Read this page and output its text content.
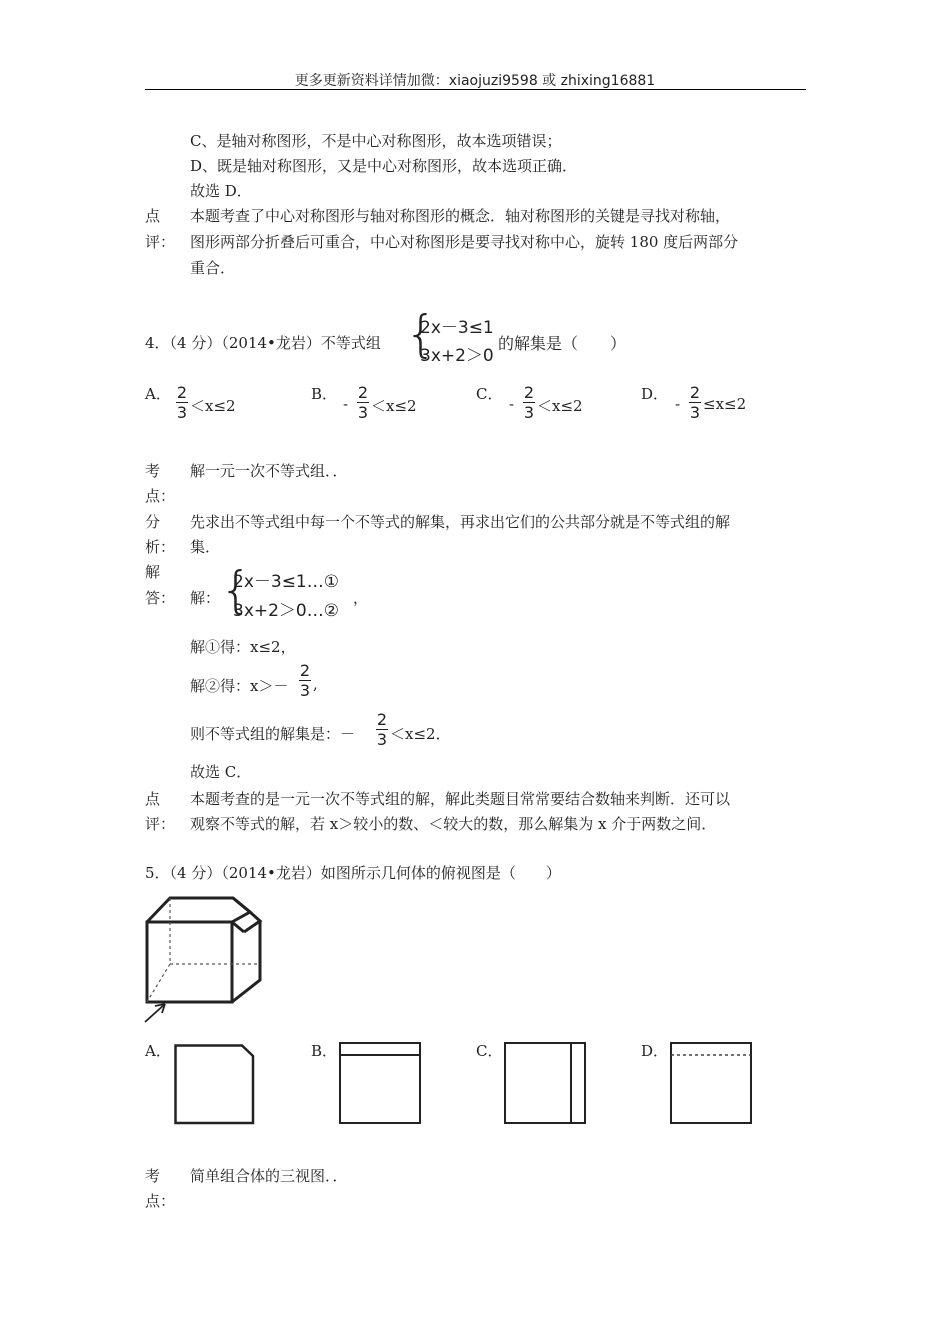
更多更新资料详情加微：xiaojuzi9598 或 zhixing16881
C、是轴对称图形，不是中心对称图形，故本选项错误；
D、既是轴对称图形，又是中心对称图形，故本选项正确．
故选 D．
点
评：
本题考查了中心对称图形与轴对称图形的概念．轴对称图形的关键是寻找对称轴，
图形两部分折叠后可重合，中心对称图形是要寻找对称中心，旋转 180 度后两部分
重合．
4．（4 分）（2014•龙岩）不等式组 {
2x－3≤1
3x+2＞0
的解集是（　　）
A． 2
3 ＜x≤2
B．
-
2
3 ＜x≤2
C．
-
2
3 ＜x≤2
D．
-
2
3 ≤x≤2
考
点：
解一元一次不等式组．．
分
析：
先求出不等式组中每一个不等式的解集，再求出它们的公共部分就是不等式组的解
集．
解
答： 解： {
2x－3≤1…①
3x+2＞0…②
，
解①得：x≤2，
解②得：x＞－
2
3 ,
则不等式组的解集是：－
2
3 ＜x≤2．
故选 C．
点
评：
本题考查的是一元一次不等式组的解，解此类题目常常要结合数轴来判断．还可以
观察不等式的解，若 x＞较小的数、＜较大的数，那么解集为 x 介于两数之间．
5．（4 分）（2014•龙岩）如图所示几何体的俯视图是（　　）
A．	B．	C．	D．
考
点：
简单组合体的三视图．．
